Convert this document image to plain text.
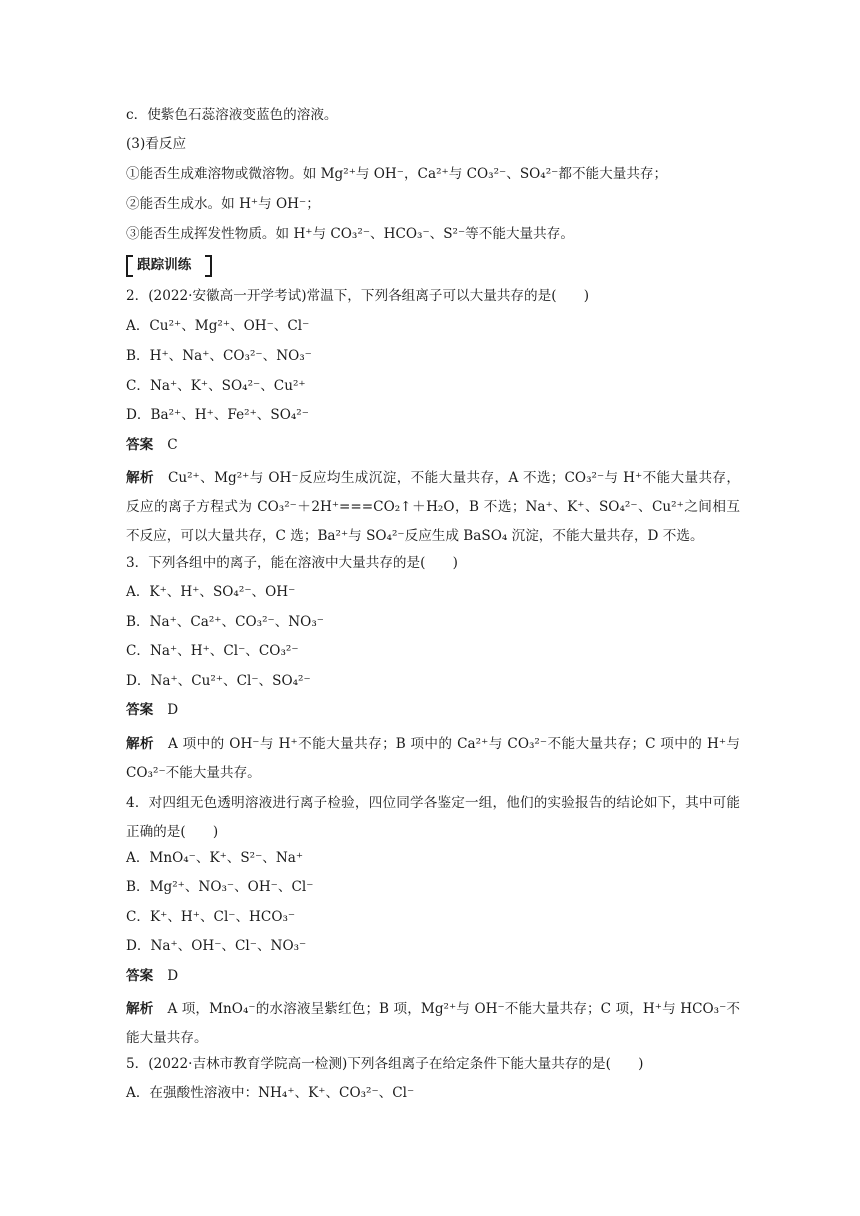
c．使紫色石蕊溶液变蓝色的溶液。
(3)看反应
①能否生成难溶物或微溶物。如 Mg²⁺与 OH⁻，Ca²⁺与 CO₃²⁻、SO₄²⁻都不能大量共存；
②能否生成水。如 H⁺与 OH⁻；
③能否生成挥发性物质。如 H⁺与 CO₃²⁻、HCO₃⁻、S²⁻等不能大量共存。
跟踪训练
2．(2022·安徽高一开学考试)常温下，下列各组离子可以大量共存的是(　　)
A．Cu²⁺、Mg²⁺、OH⁻、Cl⁻
B．H⁺、Na⁺、CO₃²⁻、NO₃⁻
C．Na⁺、K⁺、SO₄²⁻、Cu²⁺
D．Ba²⁺、H⁺、Fe²⁺、SO₄²⁻
答案 C
解析 Cu²⁺、Mg²⁺与 OH⁻反应均生成沉淀，不能大量共存，A 不选；CO₃²⁻与 H⁺不能大量共存，反应的离子方程式为 CO₃²⁻＋2H⁺===CO₂↑＋H₂O，B 不选；Na⁺、K⁺、SO₄²⁻、Cu²⁺之间相互不反应，可以大量共存，C 选；Ba²⁺与 SO₄²⁻反应生成 BaSO₄ 沉淀，不能大量共存，D 不选。
3．下列各组中的离子，能在溶液中大量共存的是(　　)
A．K⁺、H⁺、SO₄²⁻、OH⁻
B．Na⁺、Ca²⁺、CO₃²⁻、NO₃⁻
C．Na⁺、H⁺、Cl⁻、CO₃²⁻
D．Na⁺、Cu²⁺、Cl⁻、SO₄²⁻
答案 D
解析 A 项中的 OH⁻与 H⁺不能大量共存；B 项中的 Ca²⁺与 CO₃²⁻不能大量共存；C 项中的 H⁺与 CO₃²⁻不能大量共存。
4．对四组无色透明溶液进行离子检验，四位同学各鉴定一组，他们的实验报告的结论如下，其中可能正确的是(　　)
A．MnO₄⁻、K⁺、S²⁻、Na⁺
B．Mg²⁺、NO₃⁻、OH⁻、Cl⁻
C．K⁺、H⁺、Cl⁻、HCO₃⁻
D．Na⁺、OH⁻、Cl⁻、NO₃⁻
答案 D
解析 A 项，MnO₄⁻的水溶液呈紫红色；B 项，Mg²⁺与 OH⁻不能大量共存；C 项，H⁺与 HCO₃⁻不能大量共存。
5．(2022·吉林市教育学院高一检测)下列各组离子在给定条件下能大量共存的是(　　)
A．在强酸性溶液中：NH₄⁺、K⁺、CO₃²⁻、Cl⁻
